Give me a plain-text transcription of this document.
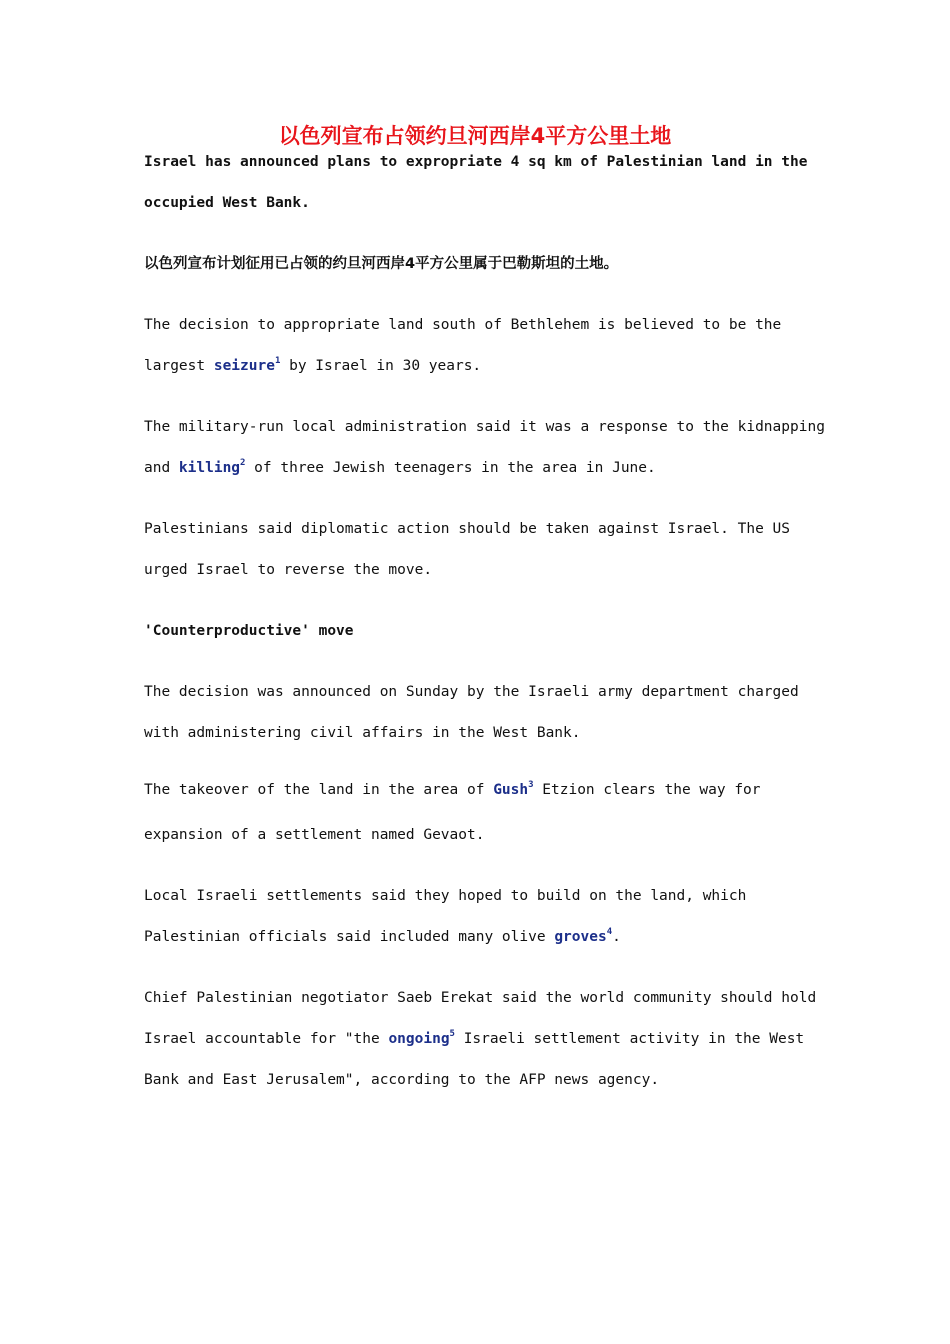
以色列宣布占领约旦河西岸4平方公里土地
Israel has announced plans to expropriate 4 sq km of Palestinian land in the
occupied West Bank.
以色列宣布计划征用已占领的约旦河西岸4平方公里属于巴勒斯坦的土地。
The decision to appropriate land south of Bethlehem is believed to be the
largest seizure$^1$ by Israel in 30 years.
The military-run local administration said it was a response to the kidnapping
and killing$^2$ of three Jewish teenagers in the area in June.
Palestinians said diplomatic action should be taken against Israel. The US
urged Israel to reverse the move.
'Counterproductive' move
The decision was announced on Sunday by the Israeli army department charged
with administering civil affairs in the West Bank.
The takeover of the land in the area of Gush$^3$ Etzion clears the way for
expansion of a settlement named Gevaot.
Local Israeli settlements said they hoped to build on the land, which
Palestinian officials said included many olive groves$^4$.
Chief Palestinian negotiator Saeb Erekat said the world community should hold
Israel accountable for "the ongoing$^5$ Israeli settlement activity in the West
Bank and East Jerusalem", according to the AFP news agency.
